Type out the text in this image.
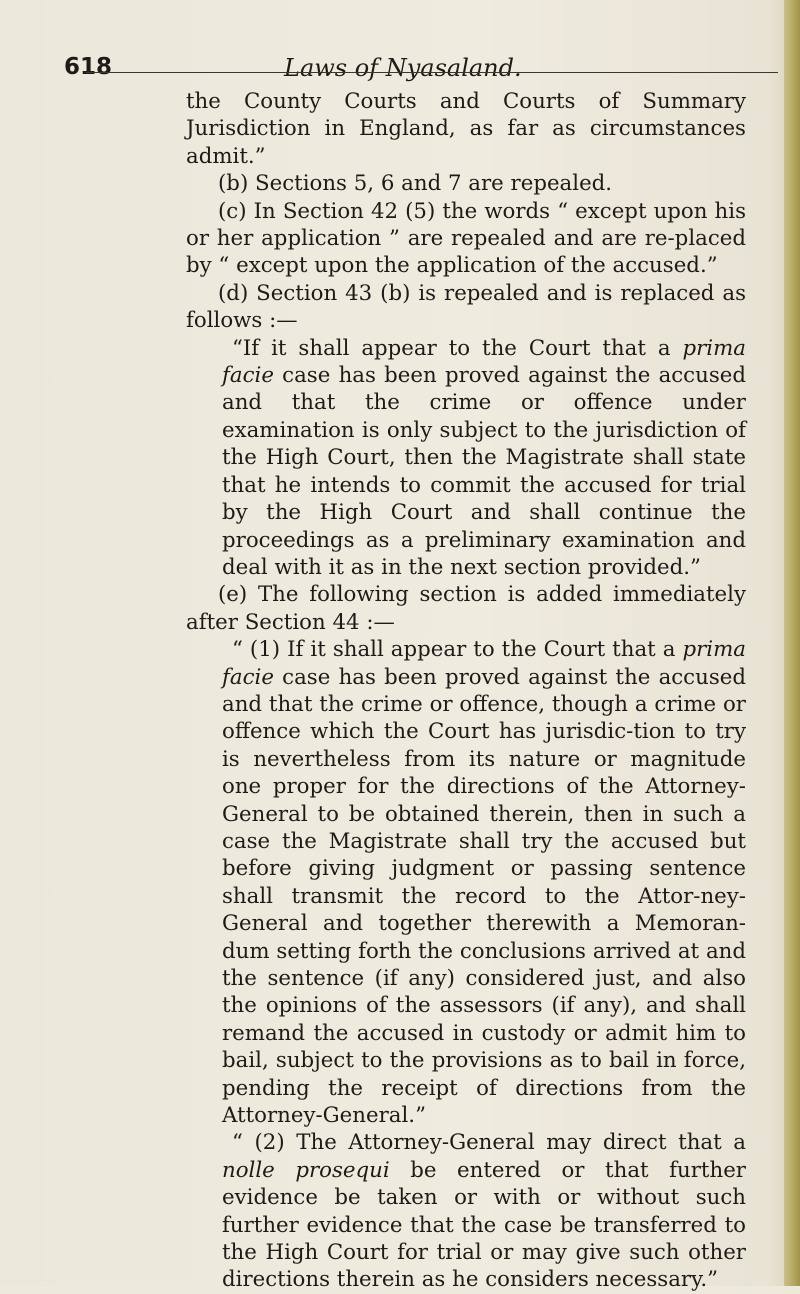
618	Laws of Nyasaland.

the County Courts and Courts of Summary Jurisdiction in England, as far as circumstances admit.”

(b) Sections 5, 6 and 7 are repealed.

(c) In Section 42 (5) the words “ except upon his or her application ” are repealed and are re-placed by “ except upon the application of the accused.”

(d) Section 43 (b) is repealed and is replaced as follows :—

“If it shall appear to the Court that a prima facie case has been proved against the accused and that the crime or offence under examination is only subject to the jurisdiction of the High Court, then the Magistrate shall state that he intends to commit the accused for trial by the High Court and shall continue the proceedings as a preliminary examination and deal with it as in the next section provided.”

(e) The following section is added immediately after Section 44 :—

“ (1) If it shall appear to the Court that a prima facie case has been proved against the accused and that the crime or offence, though a crime or offence which the Court has jurisdic-tion to try is nevertheless from its nature or magnitude one proper for the directions of the Attorney-General to be obtained therein, then in such a case the Magistrate shall try the accused but before giving judgment or passing sentence shall transmit the record to the Attor-ney-General and together therewith a Memoran-dum setting forth the conclusions arrived at and the sentence (if any) considered just, and also the opinions of the assessors (if any), and shall remand the accused in custody or admit him to bail, subject to the provisions as to bail in force, pending the receipt of directions from the Attorney-General.”

“ (2) The Attorney-General may direct that a nolle prosequi be entered or that further evidence be taken or with or without such further evidence that the case be transferred to the High Court for trial or may give such other directions therein as he considers necessary.”
